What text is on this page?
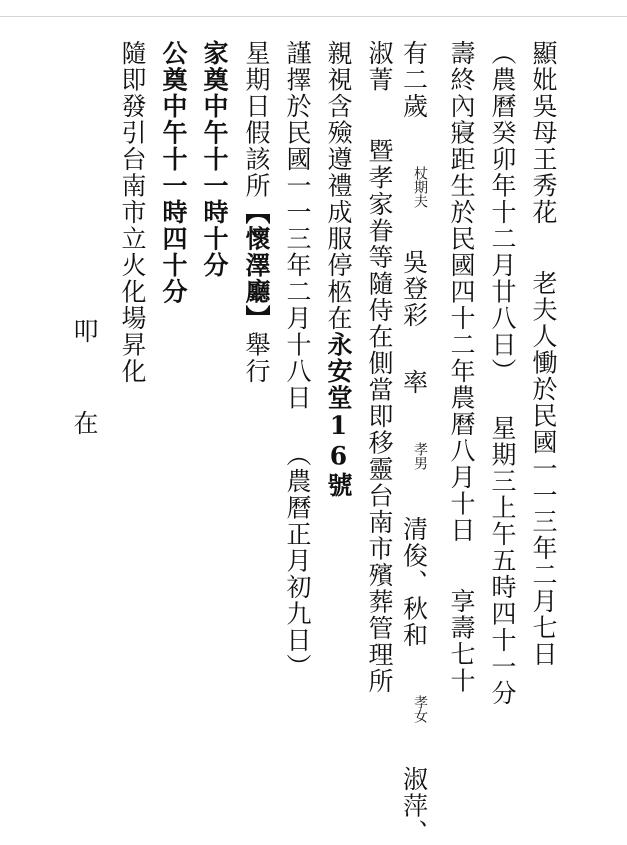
顯妣吳母王秀花 老夫人慟於民國一一三年二月七日
（農曆癸卯年十二月廿八日） 星期三上午五時四十一分
壽終內寢距生於民國四十二年農曆八月十日 享壽七十
有二歲 杖期夫 吳登彩 率 孝男 清俊、秋和 孝女 淑萍、
淑菁 暨孝家眷等隨侍在側當即移靈台南市殯葬管理所
親視含殮遵禮成服停柩在永安堂16號
謹擇於民國一一三年二月十八日 （農曆正月初九日）
星期日假該所【懷澤廳】舉行
家奠中午十一時十分
公奠中午十一時四十分
隨即發引台南市立火化場昇化
叩
在
